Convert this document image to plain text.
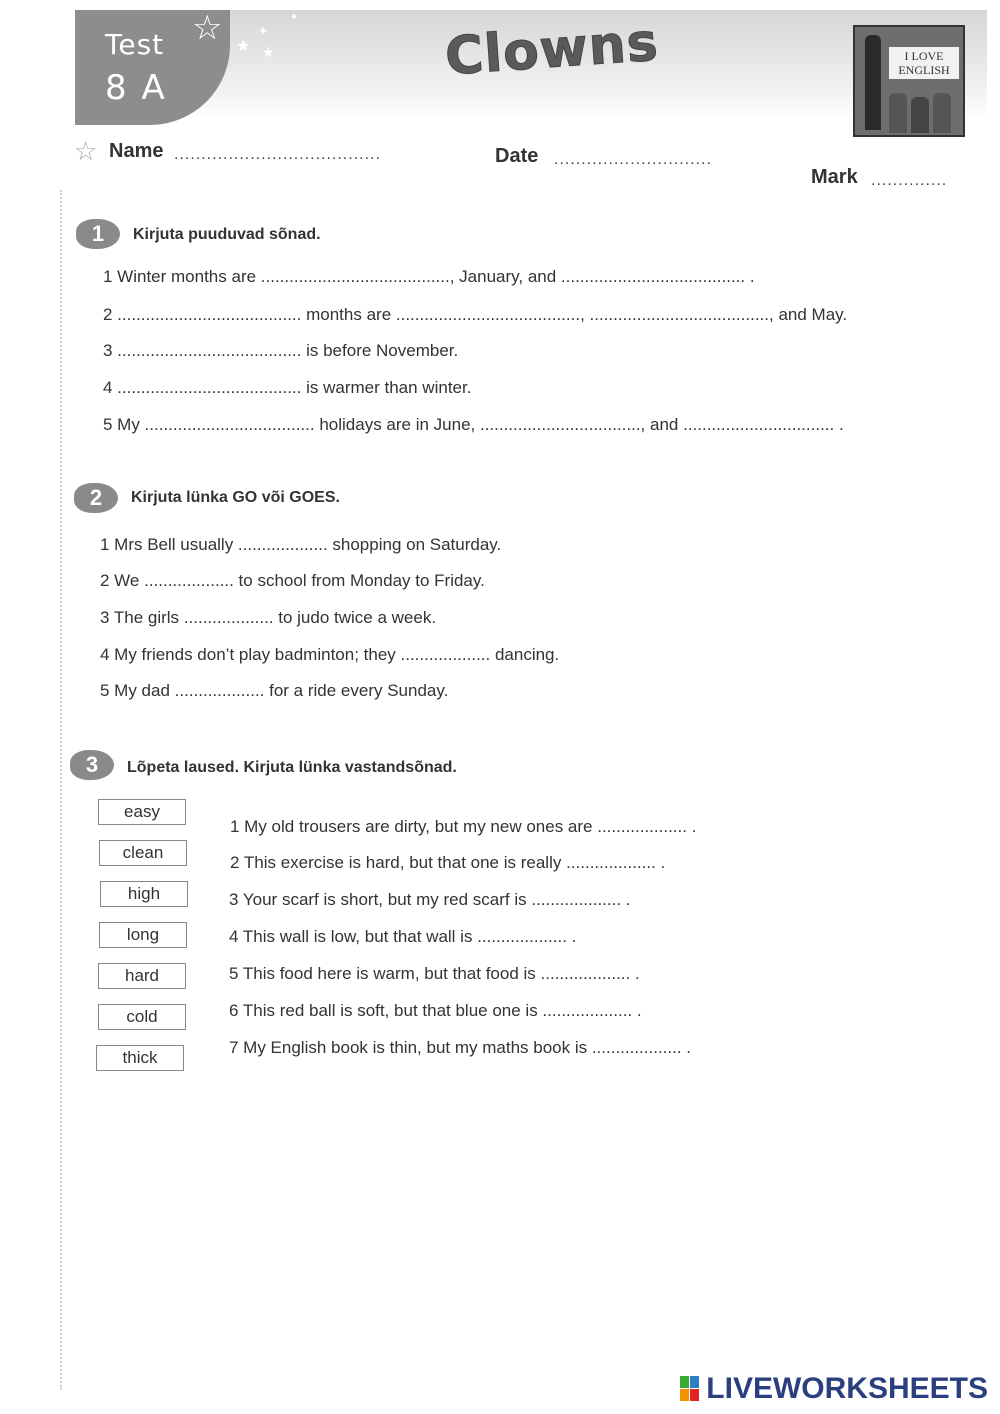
Test
8 A
☆ ★
✦
★
✦	Clowns	I LOVE ENGLISH
☆ Name ......................................	Date .............................
Mark ..............
1	Kirjuta puuduvad sõnad.
1 Winter months are ........................................, January, and ....................................... .
2 ....................................... months are ......................................., ......................................, and May.
3 ....................................... is before November.
4 ....................................... is warmer than winter.
5 My .................................... holidays are in June, .................................., and ................................ .
2	Kirjuta lünka GO või GOES.
1 Mrs Bell usually ................... shopping on Saturday.
2 We ................... to school from Monday to Friday.
3 The girls ................... to judo twice a week.
4 My friends don’t play badminton; they ................... dancing.
5 My dad ................... for a ride every Sunday.
3	Lõpeta laused. Kirjuta lünka vastandsõnad.
easy
clean
high
long
hard
cold
thick
1 My old trousers are dirty, but my new ones are ................... .
2 This exercise is hard, but that one is really ................... .
3 Your scarf is short, but my red scarf is ................... .
4 This wall is low, but that wall is ................... .
5 This food here is warm, but that food is ................... .
6 This red ball is soft, but that blue one is ................... .
7 My English book is thin, but my maths book is ................... .
LIVEWORKSHEETS
